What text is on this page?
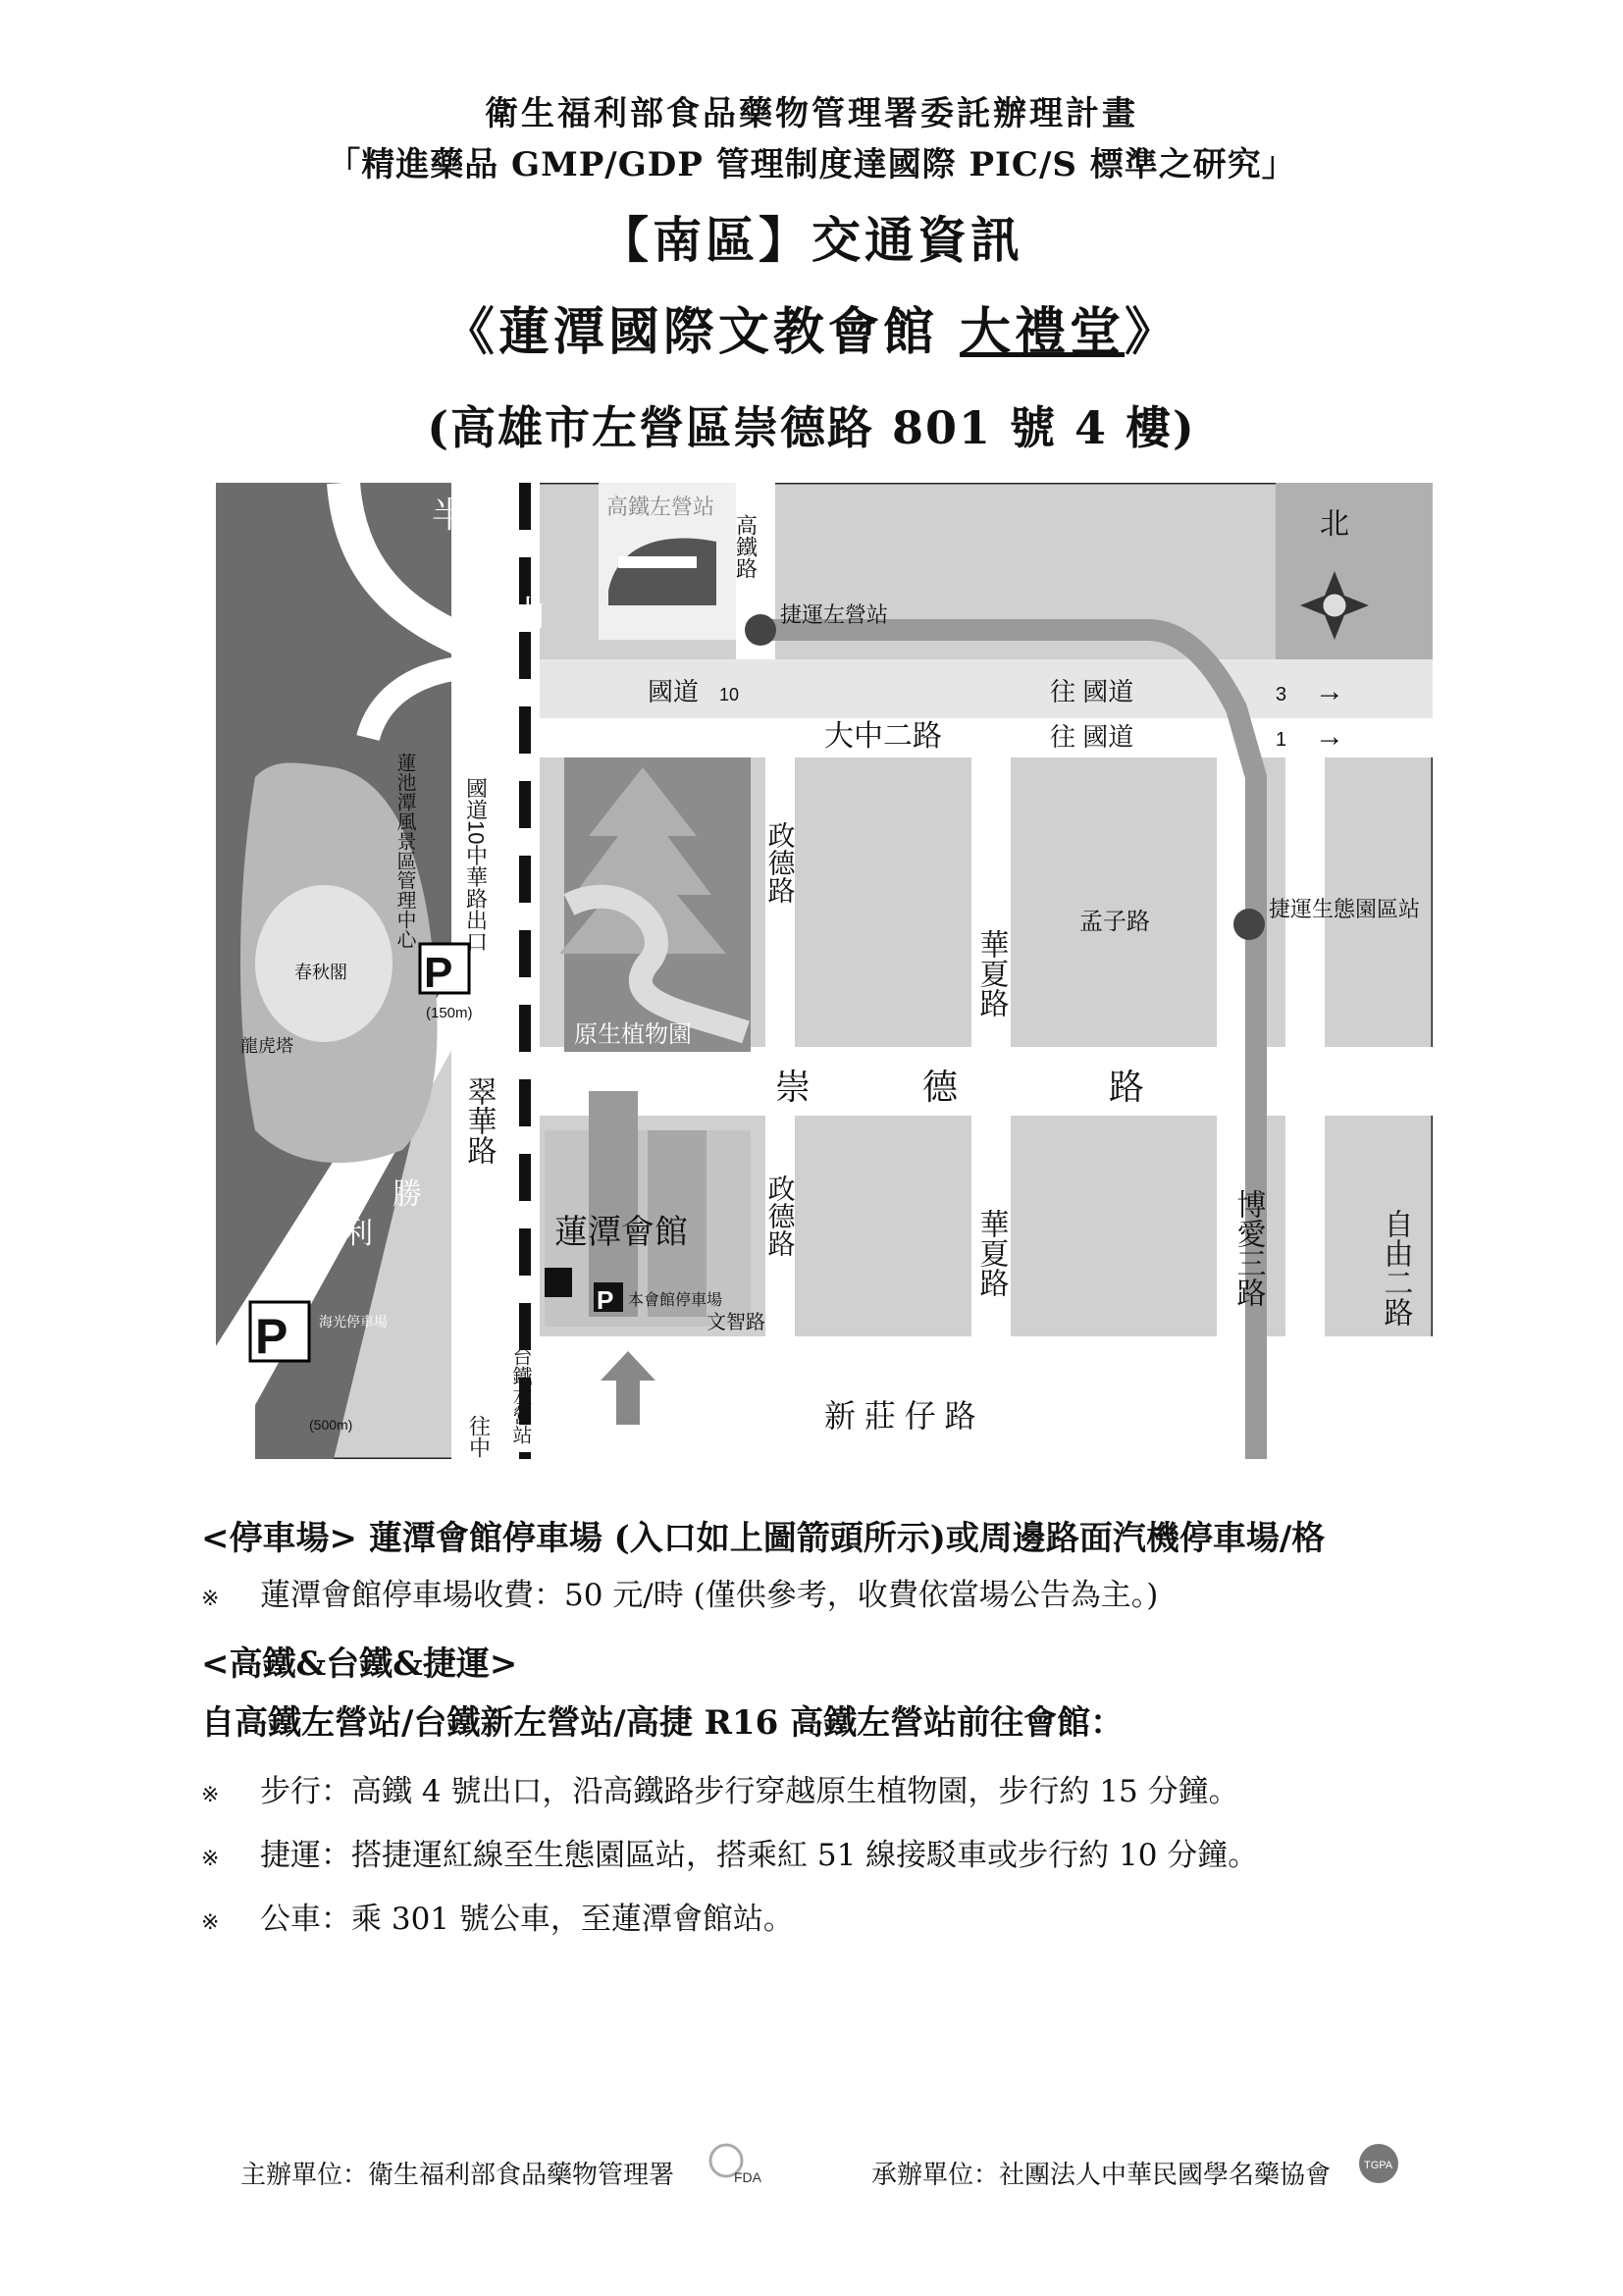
衛生福利部食品藥物管理署委託辦理計畫
「精進藥品 GMP/GDP 管理制度達國際 PIC/S 標準之研究」
【南區】交通資訊
《蓮潭國際文教會館 大禮堂》
(高雄市左營區崇德路 801 號 4 樓)
半
屏
山
高鐵左營站
高鐵路
捷運左營站
國道 10	往 國道	3 →
往 國道	1 →
大中二路
政德路
政德路
華夏路
華夏路
孟子路	捷運生態園區站
原生植物園
崇	德	路
博愛三路	自由二路
蓮池潭風景區管理中心
春秋閣
龍虎塔
國道10中華路出口
(150m)
翠華路
(500m)
蓮潭會館
本會館停車場
文智路
台鐵左營站
往中	新 莊 仔 路
北
P
P
P
勝
利
路
海光停車場
<停車場> 蓮潭會館停車場 (入口如上圖箭頭所示)或周邊路面汽機停車場/格
※ 蓮潭會館停車場收費：50 元/時 (僅供參考，收費依當場公告為主。)
<高鐵&台鐵&捷運>
自高鐵左營站/台鐵新左營站/高捷 R16 高鐵左營站前往會館：
※ 步行：高鐵 4 號出口，沿高鐵路步行穿越原生植物園，步行約 15 分鐘。
※ 捷運：搭捷運紅線至生態園區站，搭乘紅 51 線接駁車或步行約 10 分鐘。
※ 公車：乘 301 號公車，至蓮潭會館站。
主辦單位：衛生福利部食品藥物管理署	FDA	承辦單位：社團法人中華民國學名藥協會	TGPA
